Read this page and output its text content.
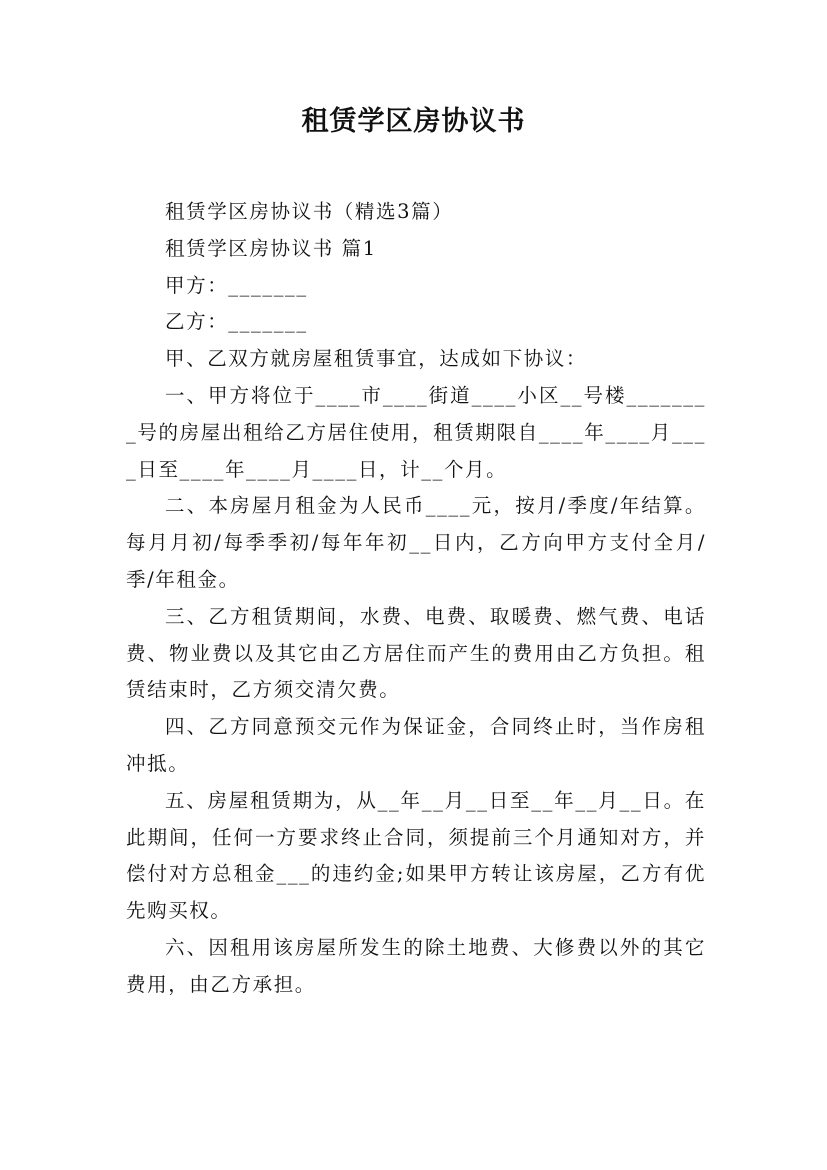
租赁学区房协议书

租赁学区房协议书（精选3篇）

租赁学区房协议书 篇1

甲方：_______

乙方：_______

甲、乙双方就房屋租赁事宜，达成如下协议：

一、甲方将位于____市____街道____小区__号楼________号的房屋出租给乙方居住使用，租赁期限自____年____月____日至____年____月____日，计__个月。

二、本房屋月租金为人民币____元，按月/季度/年结算。每月月初/每季季初/每年年初__日内，乙方向甲方支付全月/季/年租金。

三、乙方租赁期间，水费、电费、取暖费、燃气费、电话费、物业费以及其它由乙方居住而产生的费用由乙方负担。租赁结束时，乙方须交清欠费。

四、乙方同意预交元作为保证金，合同终止时，当作房租冲抵。

五、房屋租赁期为，从__年__月__日至__年__月__日。在此期间，任何一方要求终止合同，须提前三个月通知对方，并偿付对方总租金___的违约金;如果甲方转让该房屋，乙方有优先购买权。

六、因租用该房屋所发生的除土地费、大修费以外的其它费用，由乙方承担。
